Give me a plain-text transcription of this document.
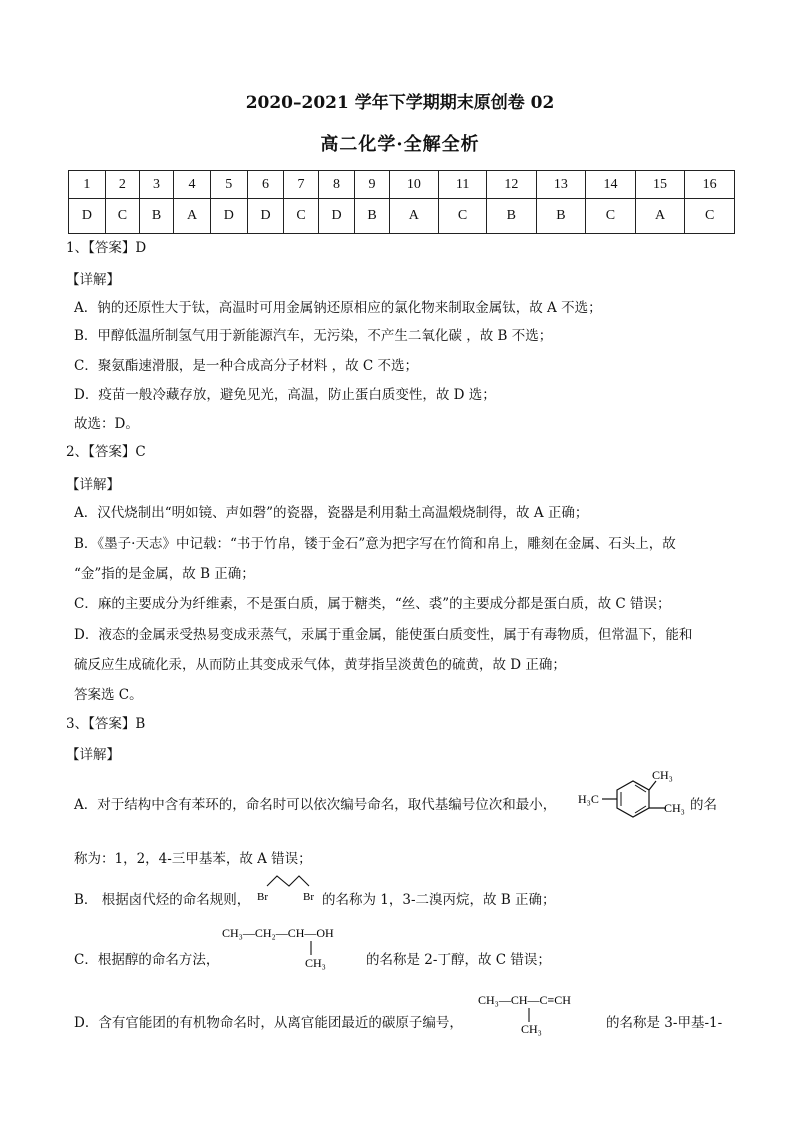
2020–2021 学年下学期期末原创卷 02
高二化学·全解全析
1	2	3	4	5	6	7	8	9	10	11	12	13	14	15	16
D	C	B	A	D	D	C	D	B	A	C	B	B	C	A	C
1、【答案】D
【详解】
A．钠的还原性大于钛，高温时可用金属钠还原相应的氯化物来制取金属钛，故 A 不选；
B．甲醇低温所制氢气用于新能源汽车，无污染，不产生二氧化碳 ，故 B 不选；
C．聚氨酯速滑服，是一种合成高分子材料 ，故 C 不选；
D．疫苗一般冷藏存放，避免见光，高温，防止蛋白质变性，故 D 选；
故选：D。
2、【答案】C
【详解】
A．汉代烧制出“明如镜、声如磬”的瓷器，瓷器是利用黏土高温煅烧制得，故 A 正确；
B．《墨子·天志》中记载：“书于竹帛，镂于金石”意为把字写在竹简和帛上，雕刻在金属、石头上，故
“金”指的是金属，故 B 正确；
C．麻的主要成分为纤维素，不是蛋白质，属于糖类，“丝、裘”的主要成分都是蛋白质，故 C 错误；
D．液态的金属汞受热易变成汞蒸气，汞属于重金属，能使蛋白质变性，属于有毒物质，但常温下，能和
硫反应生成硫化汞，从而防止其变成汞气体，黄芽指呈淡黄色的硫黄，故 D 正确；
答案选 C。
3、【答案】B
【详解】
A．对于结构中含有苯环的，命名时可以依次编号命名，取代基编号位次和最小， H₃C
CH₃
CH₃ 的名
称为：1，2，4-三甲基苯，故 A 错误；
B． 根据卤代烃的命名规则， Br	Br 的名称为 1，3-二溴丙烷，故 B 正确；
C．根据醇的命名方法，
CH₃—CH₂—CH—OH
CH₃	的名称是 2-丁醇，故 C 错误；
D．含有官能团的有机物命名时，从离官能团最近的碳原子编号，
CH₃—CH—C≡CH
CH₃	的名称是 3-甲基-1-
